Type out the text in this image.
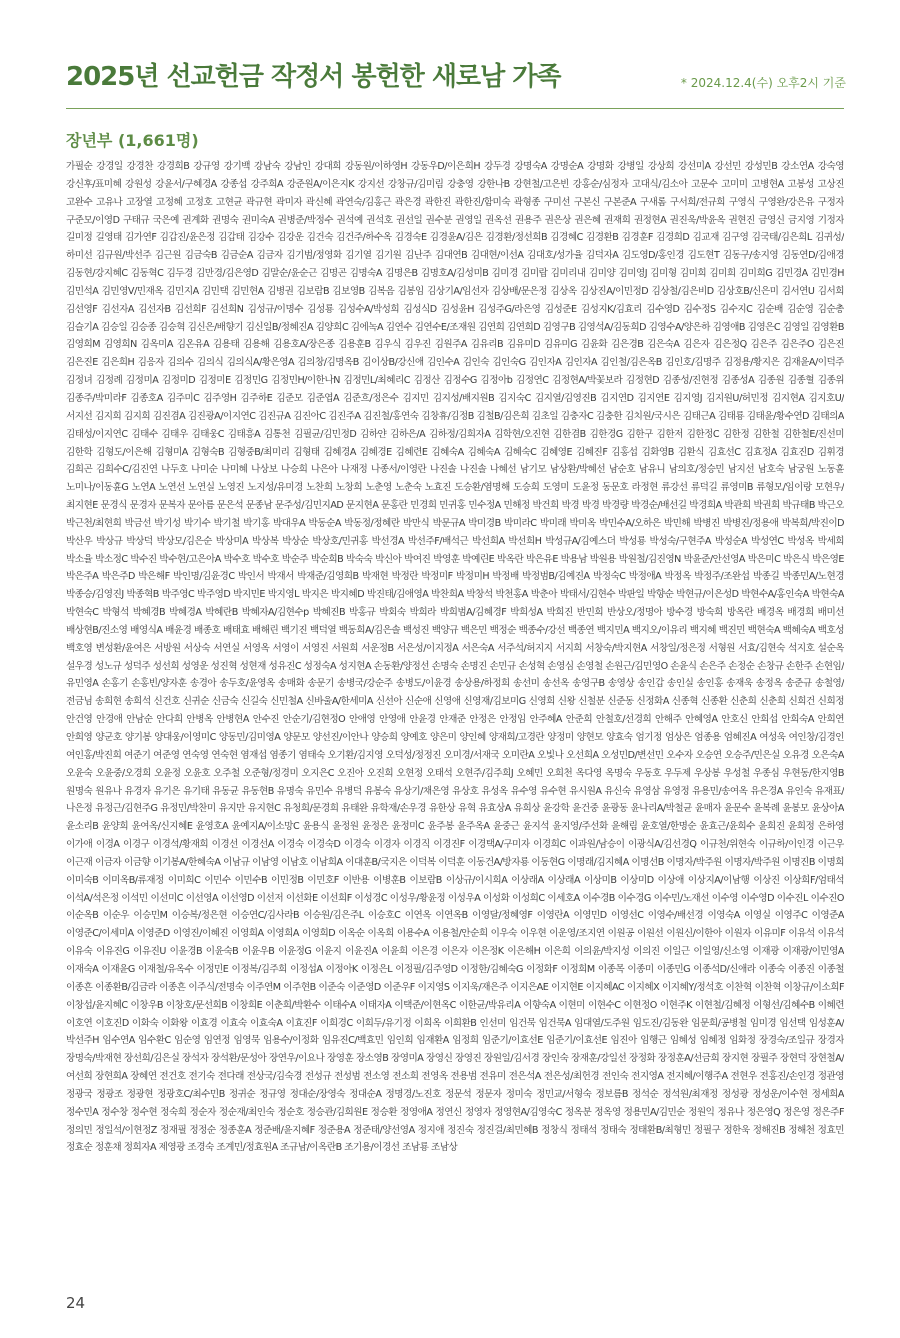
2025년 선교헌금 작정서 봉헌한 새로남 가족	* 2024.12.4(수) 오후2시 기준
장년부 (1,661명)

가필순 강경일 강경찬 강경희B 강규영 강기백 강남숙 강남인 강대희 강동원/이하영H 강동우D/이은희H 강두경 강명숙A 강명순A 강명화 강병일 강상희 강선미A 강선민 강성민B 강소연A 강숙영 강신후/표미혜 강원성 강윤서/구혜경A 강종섭 강주희A 강준원A/이은지K 강지선 강창규/김미림 강충영 강한나B 강현철/고은빈 강홍순/심정자 고대식/김소아 고문수 고미미 고병현A 고봉성 고상진 고완수 고유나 고장열 고정혜 고정호 고현균 곽규현 곽미자 곽신혜 곽연숙/김홍근 곽은경 곽한진 곽한진/함미숙 곽형종 구미선 구본신 구본준A 구새롬 구서희/전규희 구영식 구영완/강은유 구정자 구준모/이영D 구태규 국은예 권계화 권명숙 권미숙A 권병준/박정수 권석예 권석호 권선일 권수분 권영일 권옥선 권용주 권은상 권은혜 권재희 권정현A 권진욱/박윤옥 권현진 금영신 금지영 기정자 길미정 길영태 김가연F 김갑진/윤은정 김갑태 김강수 김강운 김건숙 김건주/하수옥 김경숙E 김경윤A/김은 김경환/정선희B 김경혜C 김경환B 김경훈F 김경희D 김교재 김구영 김국태/김은희L 김귀성/하미선 김규원/박선주 김근원 김금숙B 김금순A 김금자 김기범/정영화 김기열 김기원 김난주 김대연B 김대현/이선A 김대호/성가율 김덕자A 김도영D/홍인경 김도현T 김동구/송지영 김동연D/김애경 김동현/강지혜C 김동혁C 김두경 김만경/김은영D 김말순/윤순근 김명곤 김명숙A 김명은B 김명호A/김성미B 김미경 김미랍 김미리내 김미양 김미영J 김미형 김미희 김미희 김미희G 김민경A 김민경H 김민석A 김민영V/민재옥 김민지A 김민택 김민현A 김병권 김보람B 김보영B 김복음 김봉임 김상기A/임선자 김상배/문은정 김상옥 김상진A/이민정D 김상철/김은비D 김상호B/신은미 김서연U 김서희 김선영F 김선자A 김선자B 김선희F 김선희N 김성규/이명수 김성룡 김성수A/박성희 김성식D 김성윤H 김성주G/라은영 김성준E 김성지K/김효리 김수영D 김수정S 김수지C 김순배 김순영 김순총 김슬기A 김승일 김승종 김승혁 김신은/배향기 김신일B/정혜진A 김양희C 김에녹A 김연수 김연수E/조재원 김연희 김연희D 김영구B 김영석A/김동희D 김영수A/양은하 김영애B 김영은C 김영일 김영환B 김영희M 김영희N 김옥미A 김온유A 김용태 김용해 김용호A/장은종 김용훈B 김우식 김우진 김원주A 김유리B 김유미D 김유미G 김윤화 김은경B 김은숙A 김은자 김은정Q 김은주 김은주O 김은진 김은진E 김은희H 김응자 김의수 김의식 김의식A/황은영A 김의창/김명옥B 김이상B/강신애 김인수A 김인숙 김인숙G 김인자A 김인자A 김인철/김은옥B 김인호/김명주 김정용/황지은 김재윤A/이덕주 김정녀 김정례 김정미A 김정미D 김정미E 김정민G 김정민H/이한나N 김정민L/최혜리C 김정산 김정수G 김정아b 김정연C 김정현A/박꽃보라 김정현D 김종성/진현정 김종성A 김종원 김종혈 김종위 김종주/박미라F 김종호A 김주미C 김주영H 김주하E 김준모 김준엽A 김준흐/정은수 김지민 김지성/배지원B 김지숙C 김지열/김영진B 김지연D 김지연E 김지영J 김지원U/허민정 김지현A 김지호U/서지선 김지희 김지희 김진겸A 김진광A/이지연C 김진규A 김진아C 김진주A 김진철/홍연숙 김창휴/김정B 김철B/김은희 김초일 김충자C 김충한 김치원/국시은 김태근A 김태룡 김태윤/황수연D 김태의A 김태성/이지연C 김태수 김태우 김태웅C 김태흥A 김통천 김필균/김민정D 김하얀 김하은/A 김하정/김희자A 김학현/오진현 김한겸B 김한경G 김한구 김한저 김한정C 김한정 김한철 김한철E/진선미 김한학 김형도/이은해 김형미A 김형숙B 김형중B/최미리 김형태 김혜경A 김혜경E 김혜련E 김혜숙A 김혜숙A 김혜숙C 김혜영E 김혜진F 김홍섭 김화영B 김환식 김효선C 김효정A 김효진D 김휘경 김희곤 김희수C/김진연 나두호 나미순 나미혜 나상보 나승희 나은아 나재정 나종서/이영란 나진솔 나진솔 나혜선 남기모 남상환/박혜선 남순호 남유니 남의호/정승민 남지선 남호숙 남궁원 노동휸 노미나/이동휸G 노연A 노연선 노연실 노영진 노지성/유미경 노찬희 노창희 노춘영 노춘숙 노효진 도승환/염명해 도승희 도영미 도윤정 동문호 라정현 류강선 류덕길 류영미B 류형모/임이랑 모현우/최지현E 문경식 문경자 문복자 문아름 문은석 문종남 문주성/김민지AD 문지현A 문홍란 민경희 민귀홍 민수정A 민해정 박건희 박경 박경 박경량 박경순/배선길 박경희A 박관희 박권희 박규태B 박근오 박근천/최현희 박금선 박기성 박기수 박기철 박기홍 박대우A 박동순A 박동정/정혜란 박만식 박문규A 박미경B 박미라C 박미래 박미옥 박민수A/오하은 박민해 박병진 박병진/정용애 박복희/박진이D 박산우 박상규 박상덕 박상모/김은순 박상미A 박상복 박상순 박상호/민귀홍 박선경A 박선주F/배석근 박선희A 박선희H 박성규A/김예스더 박성룡 박성숙/구현주A 박성순A 박성연C 박성옥 박세희 박소율 박소정C 박수진 박수현/고은아A 박수호 박수호 박순주 박순희B 박숙숙 박신아 박여진 박영훈 박예린E 박옥란 박은유E 박용남 박원용 박원철/김진영N 박윤준/안선영A 박은미C 박은식 박은영E 박은주A 박은주D 박은해F 박인명/김윤경C 박인서 박재서 박재준/김영희B 박재현 박정란 박정미F 박정미H 박정배 박정범B/김예진A 박정숙C 박정애A 박정옥 박정주/조완섭 박종길 박종민A/노현경 박종승/김영진J 박종혁B 박주영C 박주영D 박지민E 박지영L 박지은 박지혜D 박진태/김애영A 박찬희A 박창석 박천홍A 박춘아 박태서/김현수 박판일 박향순 박현규/이은성D 박현수A/홍인숙A 박현숙A 박현숙C 박형석 박혜경B 박혜경A 박혜란B 박혜자A/김현수p 박혜진B 박홍규 박회숙 박희라 박희범A/김혜경F 박희성A 박희진 반민희 반상오/정명아 방수경 방숙희 방옥란 배경옥 배경희 배미선 배상현B/진소영 배영식A 배윤경 배종호 배태효 배해린 백기진 백덕열 백동희A/김은솔 백성진 백양규 백은민 백정순 백종수/강선 백종연 백지민A 백지오/이유리 백지혜 백진민 백현숙A 백혜숙A 백호성 백호영 변성환/윤여은 서방원 서상숙 서연실 서영옥 서영이 서영진 서원희 서운정B 서은성/이지정A 서은숙A 서주석/허지지 서지희 서창숙/박지현A 서창일/정은정 서형원 서효/김현숙 석지호 설순옥 설우경 성노규 성덕주 성선희 성영운 성진혁 성현재 성유진C 성정숙A 성지현A 손동환/양정선 손명숙 손명진 손민규 손성혁 손영심 손영철 손원근/김민영O 손윤식 손은주 손정순 손창규 손한주 손현임/유민영A 손홍기 손홍빈/양자훈 송경아 송두호/윤영옥 송매화 송문기 송병국/강순주 송병도/이윤경 송상용/하정희 송선미 송선옥 송영구B 송영상 송인갑 송인실 송인홍 송재욱 송정옥 송준규 송철영/전금님 송희현 송희석 신건호 신귀순 신금숙 신길숙 신민철A 신바울A/한세미A 신선아 신순애 신영애 신영재/김보미G 신영희 신왕 신철분 신준동 신정화A 신종혁 신종환 신춘희 신춘희 신희건 신희정 안건영 안경애 안남순 안다희 안병옥 안병현A 안수진 안순기/김현정O 안애영 안영애 안윤경 안재준 안정은 안정임 안주혜A 안준희 안철호/선경희 안해주 안혜영A 안호신 안희섭 안희숙A 안희연 안희영 양군호 양기봉 양대웅/이영미C 양동민/김미영A 양문모 양선진/이안나 양승희 양예호 양은미 양인혜 양재희/고경란 양정미 양현모 양효숙 엄기정 엄상은 엄종용 엄혜진A 여성욱 여인창/김경인 여인홍/박진희 여준기 여준영 연숙영 연숙현 염재섭 염종기 염태숙 오기환/김지영 오덕성/정정진 오미경/서재국 오미란A 오빛나 오선희A 오성민D/변선민 오수자 오승연 오승주/민은실 오유경 오은숙A 오윤숙 오윤중/오경희 오윤정 오윤호 오주철 오준형/정경미 오지은C 오진아 오진희 오현정 오태석 오현주/김주희J 오혜민 오희천 옥다영 옥명숙 우동호 우두제 우상봉 우성철 우종심 우현동/한지영B 원명숙 원유나 유경자 유기은 유기태 유동균 유동현B 유명숙 유민수 유병덕 유봉숙 유상기/채은영 유상호 유성옥 유수영 유수현 유시원A 유신숙 유영삼 유영정 유용민/송여옥 유은경A 유인숙 유재표/나은정 유정근/김현주G 유정민/박찬미 유지만 유지현C 유청희/문경희 유태완 유학재/손우경 유한상 유혁 유효상A 유희상 윤강학 윤건중 윤광동 윤나리A/박철균 윤매자 윤문수 윤복례 윤봉모 윤상아A 윤소리B 윤양희 윤여옥/신지혜E 윤영호A 윤예지A/이소망C 윤용식 윤정원 윤정은 윤정미C 윤주봉 윤주옥A 윤중근 윤지석 윤지영/주선화 윤해림 윤호열/한명순 윤효근/윤희수 윤희진 윤희정 은하영 이가애 이경A 이경구 이경석/황재희 이경선 이경선A 이경숙 이경숙D 이경숙 이경자 이경직 이경진F 이경택A/구미자 이경희C 이과원/남승이 이광식A/김선경Q 이규천/위현숙 이규하/이인경 이근우 이근재 이금자 이금향 이기봉A/한혜숙A 이남규 이남영 이남호 이남희A 이대훈B/국지은 이덕복 이덕훈 이동건A/방자룡 이동현G 이명래/김지혜A 이명선B 이명자/박주원 이명자/박주원 이명진B 이명희 이미숙B 이미옥B/류재정 이미희C 이민수 이민수B 이민정B 이민호F 이반용 이병훈B 이보람B 이상규/이시희A 이상래A 이상래A 이상미B 이상미D 이상애 이상지A/이남행 이상진 이상희F/엄태석 이석A/석은정 이석민 이선미C 이선영A 이선영D 이선저 이선화E 이선희F 이성경C 이성우/황윤정 이성우A 이성화 이성희C 이세호A 이수경B 이수경G 이수민/노재선 이수영 이수영D 이수진L 이수진O 이순옥B 이순우 이승민M 이승복/정은현 이승연C/김사라B 이승원/김은주L 이승호C 이연옥 이연옥B 이영달/정혜영F 이영란A 이영민D 이영선C 이영수/배선경 이영숙A 이영실 이영주C 이영준A 이영준C/이세미A 이영준D 이영진/이혜진 이영희A 이영희A 이영희D 이옥순 이옥희 이용수A 이용철/안순희 이우숙 이우현 이운영/조지연 이원공 이원선 이원신/이한아 이원자 이유미F 이유석 이유석 이유숙 이유진G 이유진U 이윤경B 이윤숙B 이윤우B 이윤정G 이윤지 이윤진A 이윤희 이은경 이은자 이은정K 이은해H 이은희 이의윤/박지성 이의진 이일근 이일영/신소영 이재광 이재광/이민영A 이재숙A 이재윤G 이재철/유옥수 이정민E 이정복/김주희 이정섭A 이정아K 이정은L 이정필/김주영D 이정한/김혜숙G 이정화F 이정희M 이종목 이종미 이종민G 이종석D/신애라 이종숙 이종진 이종철 이종흔 이종환B/김금라 이종흔 이주식/전명숙 이주연M 이주현B 이준숙 이준영D 이준우F 이지영S 이지욱/재은주 이지은AE 이지현E 이지혜AC 이지혜X 이지혜Y/정석호 이찬혁 이찬혁 이창규/이소희F 이창섭/윤지혜C 이창우B 이창호/문선희B 이창희E 이춘희/박환수 이태수A 이태자A 이택준/이현옥C 이한균/박유리A 이향숙A 이현미 이현수C 이현정O 이현주K 이현철/김혜정 이형선/김혜수B 이혜련 이호연 이호진D 이화숙 이화왕 이효경 이효숙 이효숙A 이효진F 이희경C 이희두/유기정 이희옥 이희환B 인선미 임건묵 임건묵A 임대열/도주원 임도진/김동완 임문희/공병철 임미경 임선택 임성훈A/박선주H 임수연A 임수환C 임순영 임연정 임영묵 임용수/이정화 임유진C/백효민 임인희 임재환A 임정희 임준기/이효선E 임준기/이효선E 임진아 임행근 임혜성 임혜정 임화정 장경숙/조일규 장경자 장명숙/박재현 장선희/김은실 장석자 장석환/문성아 장연우/이요나 장영훈 장소영B 장영미A 장영신 장영진 장원일/김서경 장인숙 장재훈/강일선 장정화 장정훈A/선금희 장지현 장필주 장현덕 장현철A/여선희 장현희A 장혜연 전건호 전기숙 전다래 전상국/김숙경 전성규 전성범 전소영 전소희 전영옥 전용범 전유미 전은석A 전은성/최헌경 전인숙 전지영A 전지혜/이행주A 전현우 전홍진/손인경 정관영 정광국 정광조 정광현 정광호C/최수민B 정귀순 정규영 정대순/장영숙 정대순A 정명경/노진호 정문석 정문자 정미숙 정민교/서형숙 정보름B 정석순 정석원/최재정 정성광 정성운/이수현 정세희A 정수민A 정수창 정수현 정숙희 정순자 정순재/최인숙 정순호 정승관/김희원E 정승환 정영애A 정연신 정영자 정영현A/김영숙C 정옥분 정옥영 정용민A/김민순 정원익 정유나 정은영Q 정은영 정은주F 정의민 정일석/이현정Z 정재필 정정순 정종훈A 정준배/윤지혜F 정준용A 정준태/양선영A 정지애 정진숙 정진걸/최민혜B 정창식 정태석 정태숙 정태환B/최형민 정필구 정한욱 정해진B 정해천 정효민 정효순 정훈채 정희자A 제영광 조경숙 조계민/정효원A 조규남/이옥란B 조기용/이경선 조남룡 조남상

24
